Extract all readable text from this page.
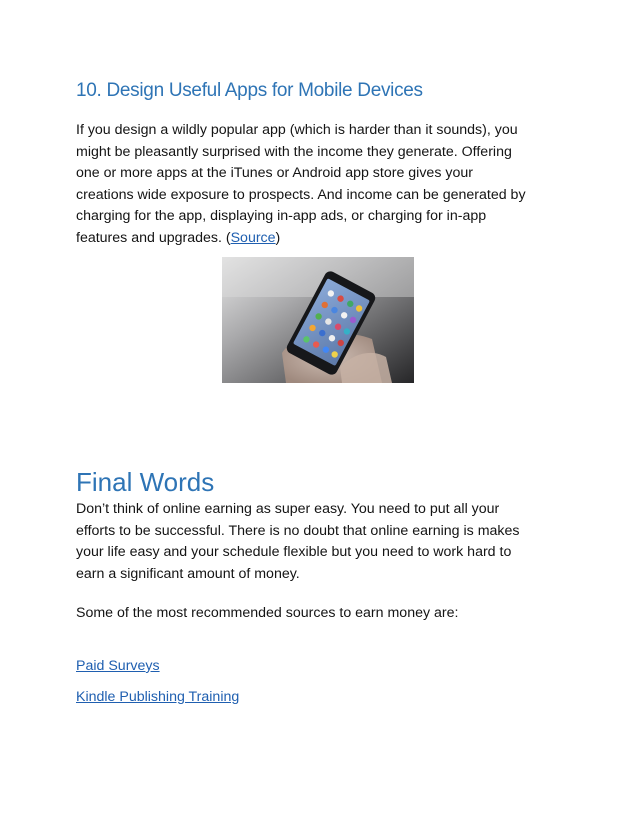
10. Design Useful Apps for Mobile Devices

If you design a wildly popular app (which is harder than it sounds), you
might be pleasantly surprised with the income they generate. Offering
one or more apps at the iTunes or Android app store gives your
creations wide exposure to prospects. And income can be generated by
charging for the app, displaying in-app ads, or charging for in-app
features and upgrades. (Source)

Final Words

Don’t think of online earning as super easy. You need to put all your
efforts to be successful. There is no doubt that online earning is makes
your life easy and your schedule flexible but you need to work hard to
earn a significant amount of money.

Some of the most recommended sources to earn money are:

Paid Surveys
Kindle Publishing Training
